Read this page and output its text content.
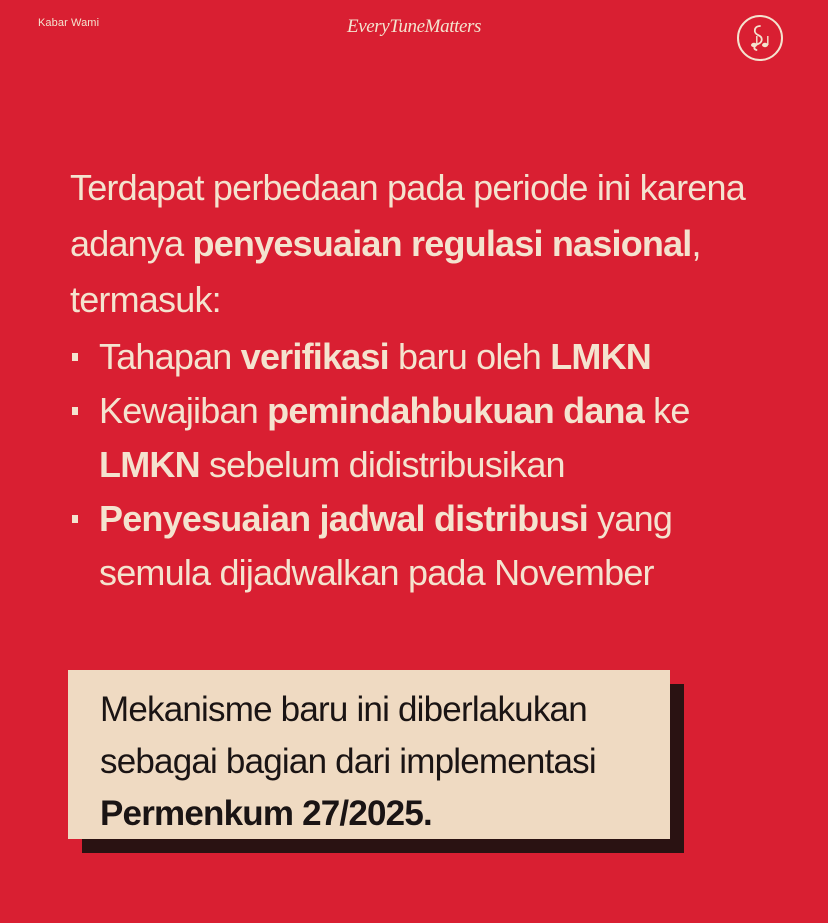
Kabar Wami	EveryTuneMatters
Terdapat perbedaan pada periode ini karena adanya penyesuaian regulasi nasional, termasuk:
Tahapan verifikasi baru oleh LMKN
Kewajiban pemindahbukuan dana ke
LMKN sebelum didistribusikan
Penyesuaian jadwal distribusi yang semula dijadwalkan pada November
Mekanisme baru ini diberlakukan sebagai bagian dari implementasi Permenkum 27/2025.
